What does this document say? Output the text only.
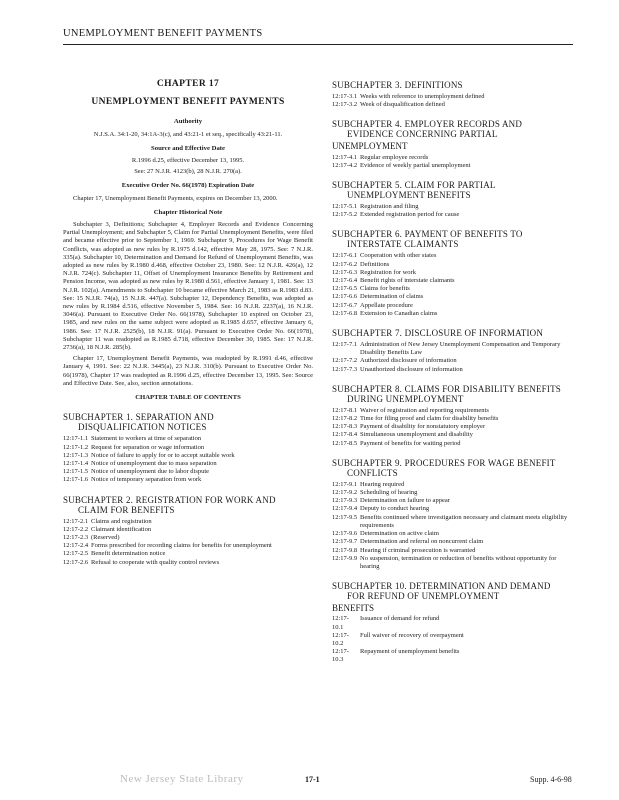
UNEMPLOYMENT BENEFIT PAYMENTS
CHAPTER 17
UNEMPLOYMENT BENEFIT PAYMENTS
Authority
N.J.S.A. 34:1-20, 34:1A-3(c), and 43:21-1 et seq., specifically 43:21-11.
Source and Effective Date
R.1996 d.25, effective December 13, 1995.
See: 27 N.J.R. 4123(b), 28 N.J.R. 270(a).
Executive Order No. 66(1978) Expiration Date
Chapter 17, Unemployment Benefit Payments, expires on December 13, 2000.
Chapter Historical Note
Subchapter 3, Definitions; Subchapter 4, Employer Records and Evidence Concerning Partial Unemployment; and Subchapter 5, Claim for Partial Unemployment Benefits, were filed and became effective prior to September 1, 1969. Subchapter 9, Procedures for Wage Benefit Conflicts, was adopted as new rules by R.1975 d.142, effective May 28, 1975. See: 7 N.J.R. 335(a). Subchapter 10, Determination and Demand for Refund of Unemployment Benefits, was adopted as new rules by R.1980 d.468, effective October 23, 1980. See: 12 N.J.R. 426(a), 12 N.J.R. 724(c). Subchapter 11, Offset of Unemployment Insurance Benefits by Retirement and Pension Income, was adopted as new rules by R.1980 d.561, effective January 1, 1981. See: 13 N.J.R. 102(a). Amendments to Subchapter 10 became effective March 21, 1983 as R.1983 d.83. See: 15 N.J.R. 74(a), 15 N.J.R. 447(a). Subchapter 12, Dependency Benefits, was adopted as new rules by R.1984 d.516, effective November 5, 1984. See: 16 N.J.R. 2237(a), 16 N.J.R. 3046(a). Pursuant to Executive Order No. 66(1978), Subchapter 10 expired on October 23, 1985, and new rules on the same subject were adopted as R.1985 d.657, effective January 6, 1986. See: 17 N.J.R. 2525(b), 18 N.J.R. 91(a). Pursuant to Executive Order No. 66(1978), Subchapter 11 was readopted as R.1985 d.718, effective December 30, 1985. See: 17 N.J.R. 2736(a), 18 N.J.R. 285(b).
Chapter 17, Unemployment Benefit Payments, was readopted by R.1991 d.46, effective January 4, 1991. See: 22 N.J.R. 3445(a), 23 N.J.R. 310(b). Pursuant to Executive Order No. 66(1978), Chapter 17 was readopted as R.1996 d.25, effective December 13, 1995. See: Source and Effective Date. See, also, section annotations.
CHAPTER TABLE OF CONTENTS
SUBCHAPTER 1. SEPARATION AND
DISQUALIFICATION NOTICES
12:17-1.1 Statement to workers at time of separation
12:17-1.2 Request for separation or wage information
12:17-1.3 Notice of failure to apply for or to accept suitable work
12:17-1.4 Notice of unemployment due to mass separation
12:17-1.5 Notice of unemployment due to labor dispute
12:17-1.6 Notice of temporary separation from work
SUBCHAPTER 2. REGISTRATION FOR WORK AND
CLAIM FOR BENEFITS
12:17-2.1 Claims and registration
12:17-2.2 Claimant identification
12:17-2.3 (Reserved)
12:17-2.4 Forms prescribed for recording claims for benefits for unemployment
12:17-2.5 Benefit determination notice
12:17-2.6 Refusal to cooperate with quality control reviews
SUBCHAPTER 3. DEFINITIONS
12:17-3.1 Weeks with reference to unemployment defined
12:17-3.2 Week of disqualification defined
SUBCHAPTER 4. EMPLOYER RECORDS AND
EVIDENCE CONCERNING PARTIAL
UNEMPLOYMENT
12:17-4.1 Regular employee records
12:17-4.2 Evidence of weekly partial unemployment
SUBCHAPTER 5. CLAIM FOR PARTIAL
UNEMPLOYMENT BENEFITS
12:17-5.1 Registration and filing
12:17-5.2 Extended registration period for cause
SUBCHAPTER 6. PAYMENT OF BENEFITS TO
INTERSTATE CLAIMANTS
12:17-6.1 Cooperation with other states
12:17-6.2 Definitions
12:17-6.3 Registration for work
12:17-6.4 Benefit rights of interstate claimants
12:17-6.5 Claims for benefits
12:17-6.6 Determination of claims
12:17-6.7 Appellate procedure
12:17-6.8 Extension to Canadian claims
SUBCHAPTER 7. DISCLOSURE OF INFORMATION
12:17-7.1 Administration of New Jersey Unemployment Compensation and Temporary Disability Benefits Law
12:17-7.2 Authorized disclosure of information
12:17-7.3 Unauthorized disclosure of information
SUBCHAPTER 8. CLAIMS FOR DISABILITY BENEFITS
DURING UNEMPLOYMENT
12:17-8.1 Waiver of registration and reporting requirements
12:17-8.2 Time for filing proof and claim for disability benefits
12:17-8.3 Payment of disability for nonstatutory employer
12:17-8.4 Simultaneous unemployment and disability
12:17-8.5 Payment of benefits for waiting period
SUBCHAPTER 9. PROCEDURES FOR WAGE BENEFIT
CONFLICTS
12:17-9.1 Hearing required
12:17-9.2 Scheduling of hearing
12:17-9.3 Determination on failure to appear
12:17-9.4 Deputy to conduct hearing
12:17-9.5 Benefits continued where investigation necessary and claimant meets eligibility requirements
12:17-9.6 Determination on active claim
12:17-9.7 Determination and referral on noncurrent claim
12:17-9.8 Hearing if criminal prosecution is warranted
12:17-9.9 No suspension, termination or reduction of benefits without opportunity for hearing
SUBCHAPTER 10. DETERMINATION AND DEMAND
FOR REFUND OF UNEMPLOYMENT
BENEFITS
12:17-10.1
Issuance of demand for refund
12:17-10.2
Full waiver of recovery of overpayment
12:17-10.3
Repayment of unemployment benefits
New Jersey State Library	17-1	Supp. 4-6-98
